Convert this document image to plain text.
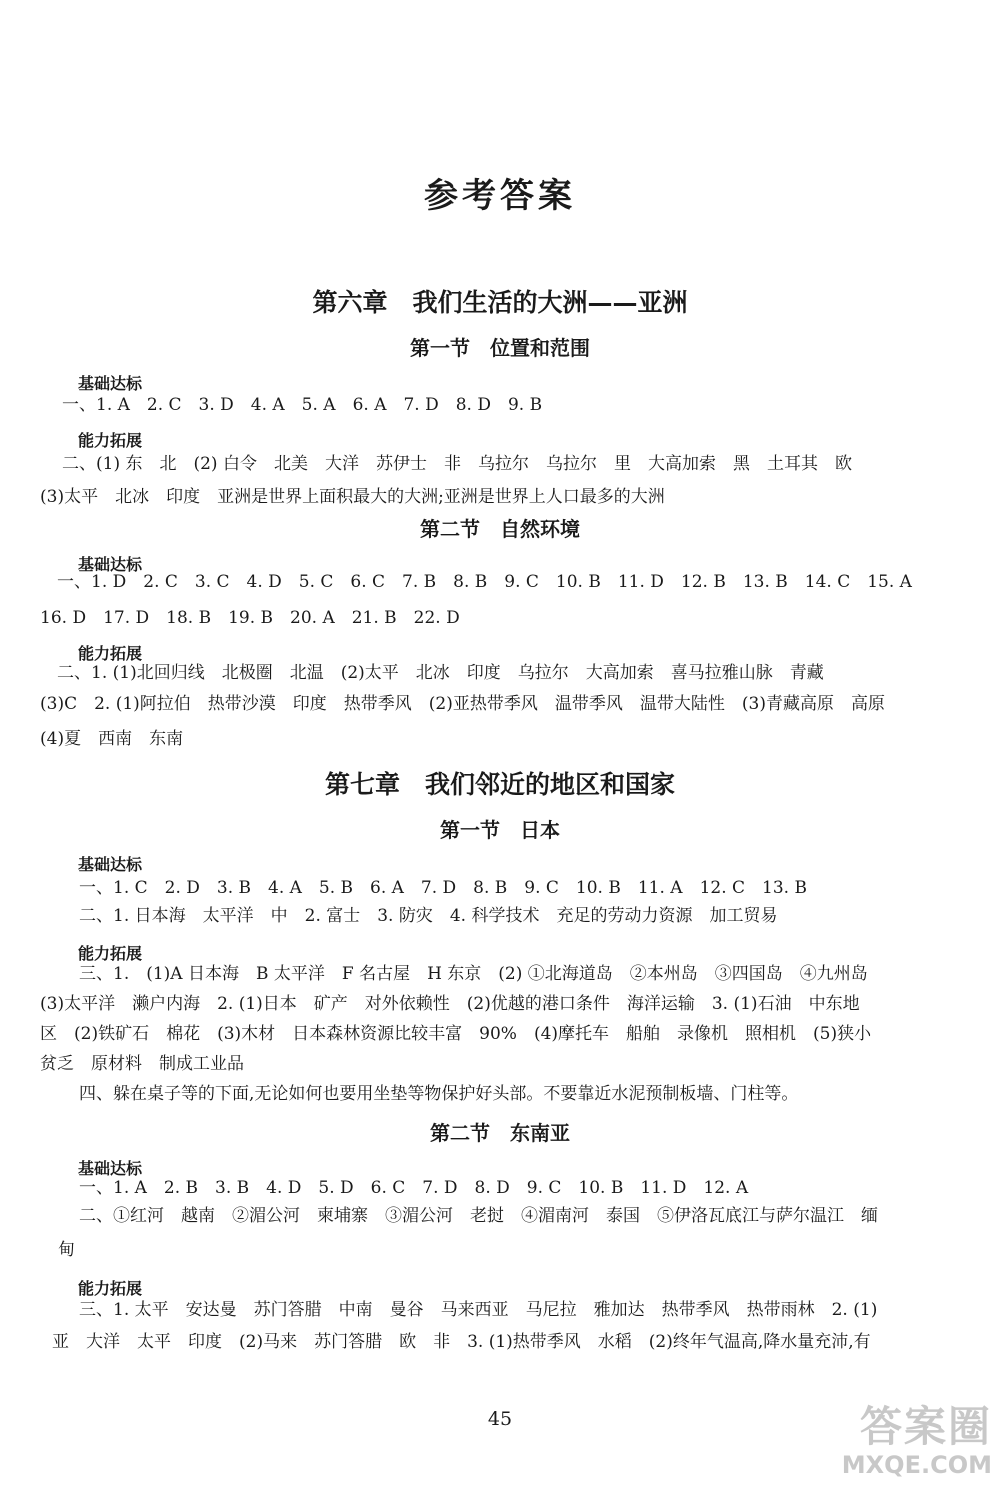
参考答案
第六章　我们生活的大洲——亚洲
第一节　位置和范围
基础达标
一、1. A　2. C　3. D　4. A　5. A　6. A　7. D　8. D　9. B
能力拓展
二、(1) 东　北　(2) 白令　北美　大洋　苏伊士　非　乌拉尔　乌拉尔　里　大高加索　黑　土耳其　欧
(3)太平　北冰　印度　亚洲是世界上面积最大的大洲;亚洲是世界上人口最多的大洲
第二节　自然环境
基础达标
　一、1. D　2. C　3. C　4. D　5. C　6. C　7. B　8. B　9. C　10. B　11. D　12. B　13. B　14. C　15. A
16. D　17. D　18. B　19. B　20. A　21. B　22. D
能力拓展
　二、1. (1)北回归线　北极圈　北温　(2)太平　北冰　印度　乌拉尔　大高加索　喜马拉雅山脉　青藏
(3)C　2. (1)阿拉伯　热带沙漠　印度　热带季风　(2)亚热带季风　温带季风　温带大陆性　(3)青藏高原　高原
(4)夏　西南　东南
第七章　我们邻近的地区和国家
第一节　日本
基础达标
　一、1. C　2. D　3. B　4. A　5. B　6. A　7. D　8. B　9. C　10. B　11. A　12. C　13. B
　二、1. 日本海　太平洋　中　2. 富士　3. 防灾　4. 科学技术　充足的劳动力资源　加工贸易
能力拓展
　三、1.　(1)A 日本海　B 太平洋　F 名古屋　H 东京　(2) ①北海道岛　②本州岛　③四国岛　④九州岛
(3)太平洋　濑户内海　2. (1)日本　矿产　对外依赖性　(2)优越的港口条件　海洋运输　3. (1)石油　中东地
区　(2)铁矿石　棉花　(3)木材　日本森林资源比较丰富　90%　(4)摩托车　船舶　录像机　照相机　(5)狭小
贫乏　原材料　制成工业品
　四、躲在桌子等的下面,无论如何也要用坐垫等物保护好头部。不要靠近水泥预制板墙、门柱等。
第二节　东南亚
基础达标
　一、1. A　2. B　3. B　4. D　5. D　6. C　7. D　8. D　9. C　10. B　11. D　12. A
　二、①红河　越南　②湄公河　柬埔寨　③湄公河　老挝　④湄南河　泰国　⑤伊洛瓦底江与萨尔温江　缅
甸
能力拓展
　三、1. 太平　安达曼　苏门答腊　中南　曼谷　马来西亚　马尼拉　雅加达　热带季风　热带雨林　2. (1)
亚　大洋　太平　印度　(2)马来　苏门答腊　欧　非　3. (1)热带季风　水稻　(2)终年气温高,降水量充沛,有
45	答案圈
MXQE.COM
